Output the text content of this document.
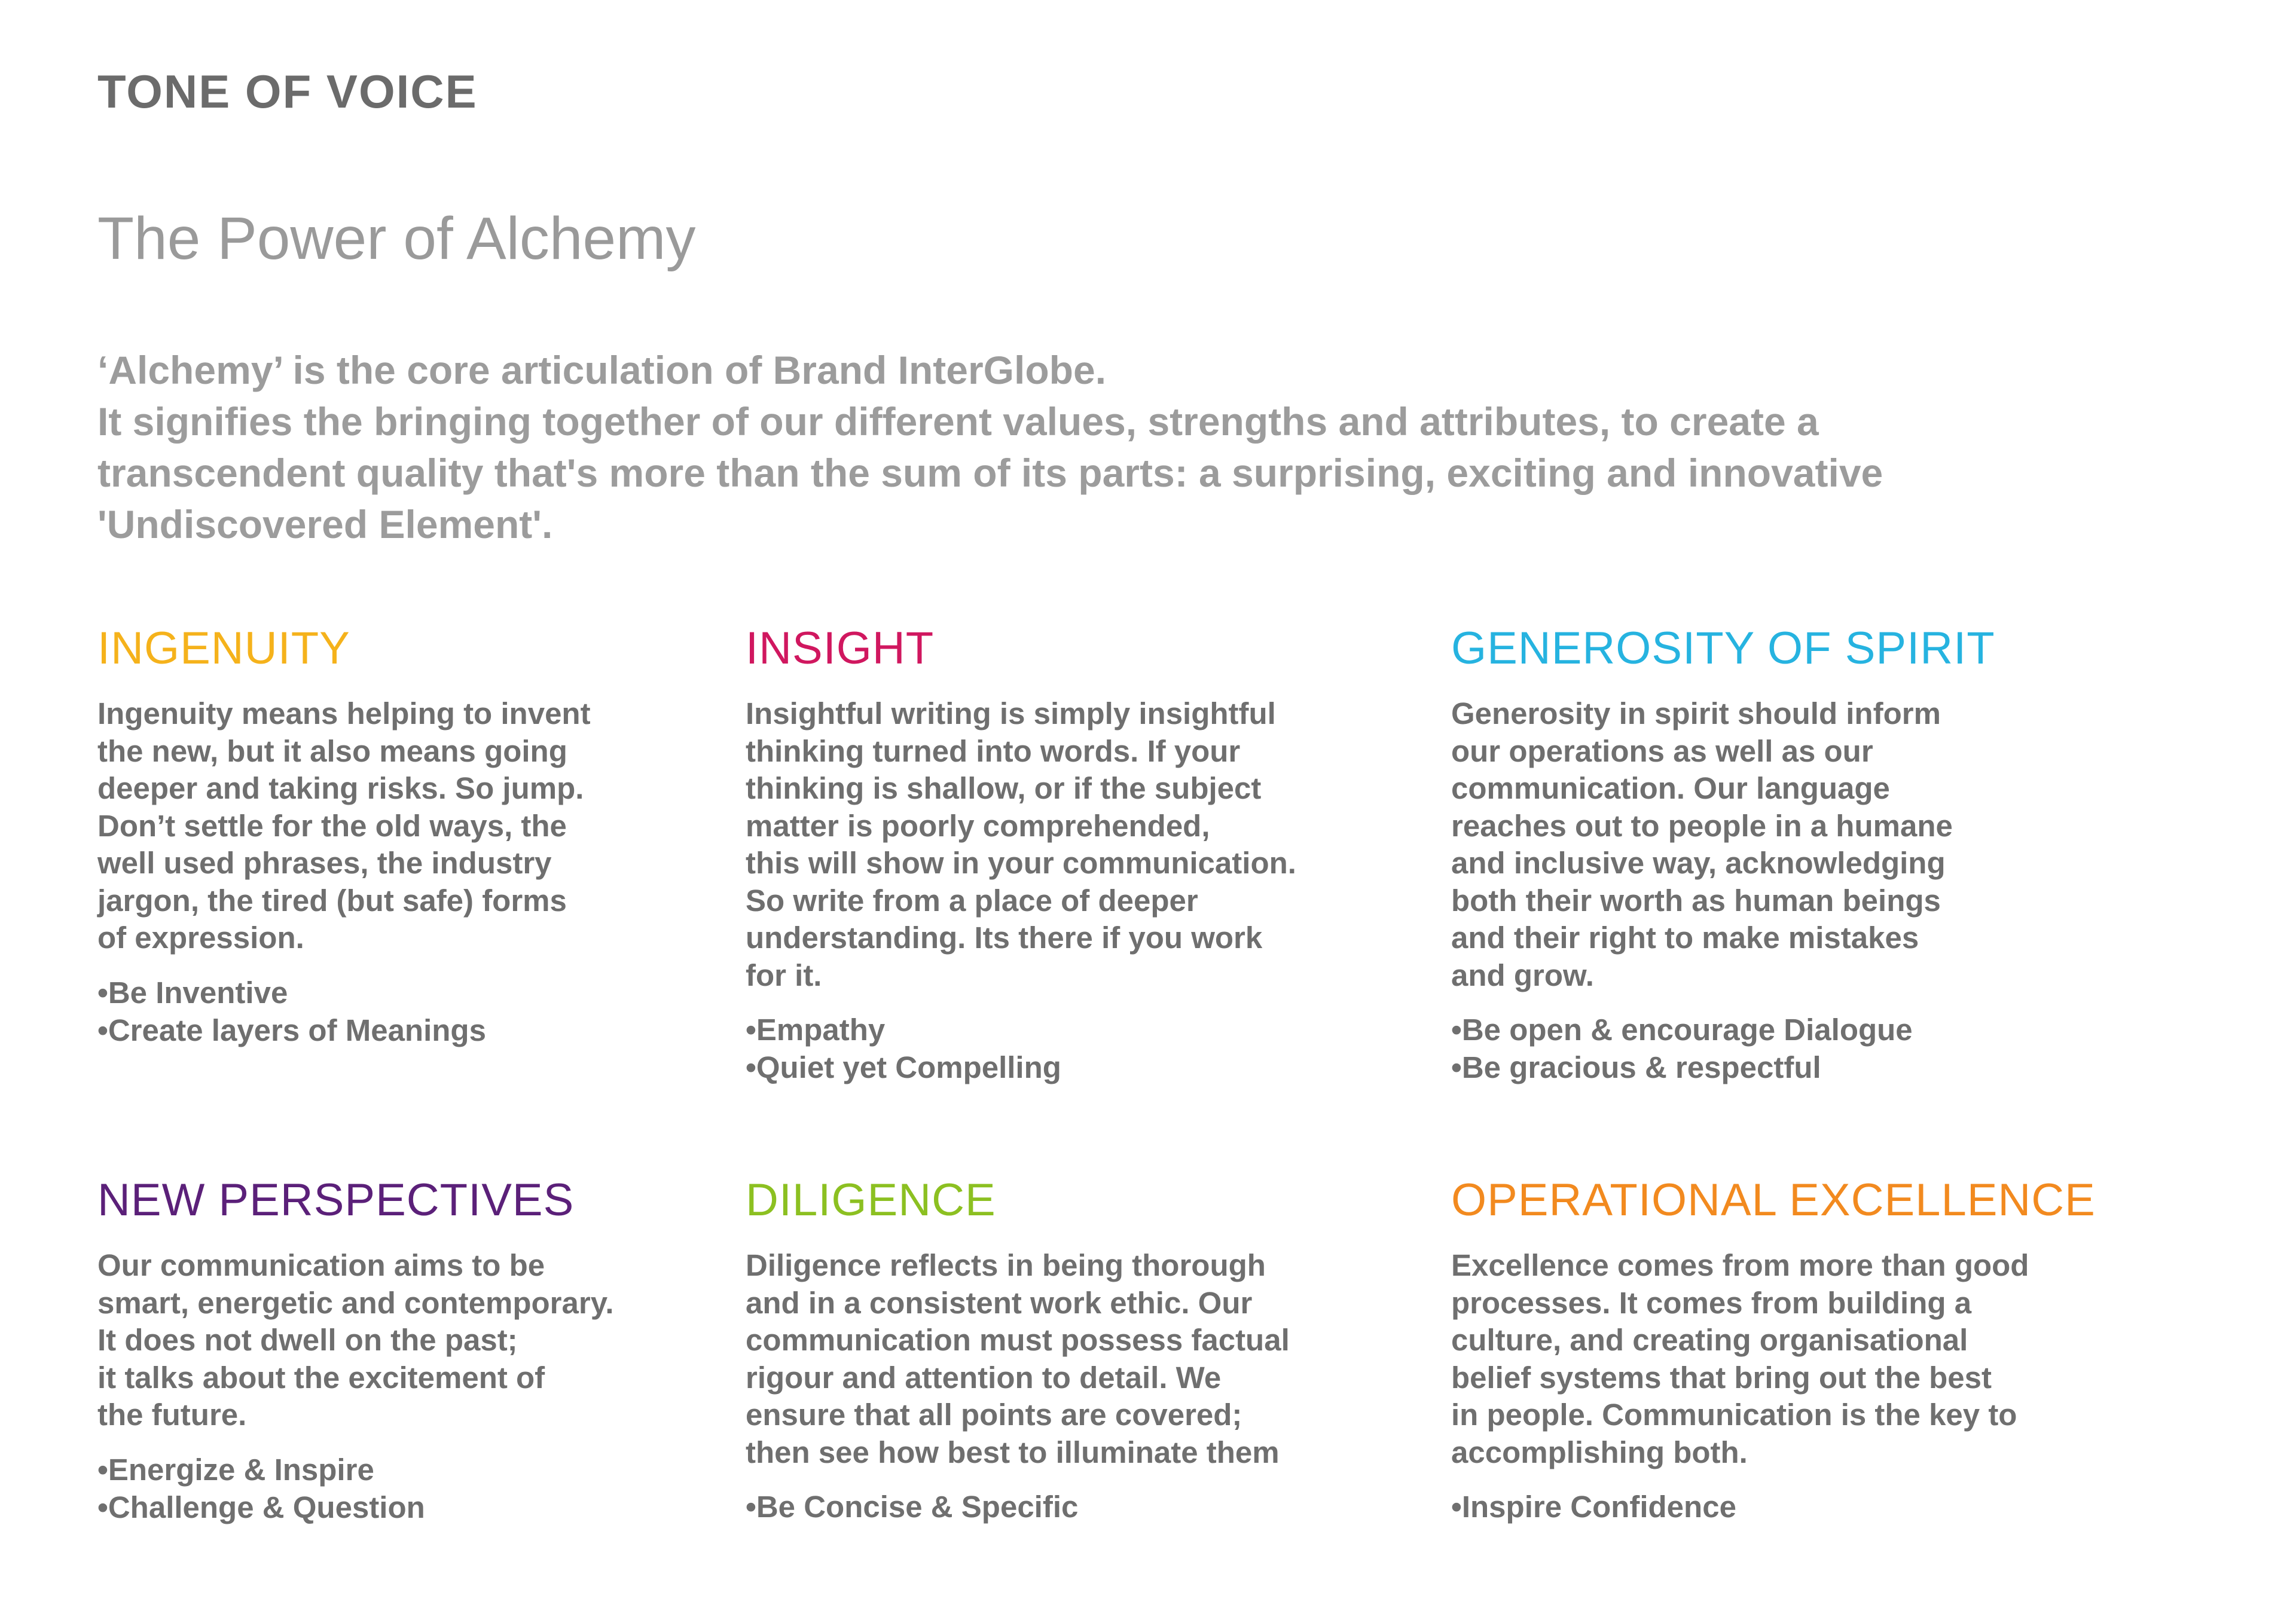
TONE OF VOICE
The Power of Alchemy

‘Alchemy’ is the core articulation of Brand InterGlobe.
It signifies the bringing together of our different values, strengths and attributes, to create a
transcendent quality that's more than the sum of its parts: a surprising, exciting and innovative
'Undiscovered Element'.

INGENUITY

Ingenuity means helping to invent
the new, but it also means going
deeper and taking risks. So jump.
Don’t settle for the old ways, the
well used phrases, the industry
jargon, the tired (but safe) forms
of expression.

•Be Inventive
•Create layers of Meanings
INSIGHT

Insightful writing is simply insightful
thinking turned into words. If your
thinking is shallow, or if the subject
matter is poorly comprehended,
this will show in your communication.
So write from a place of deeper
understanding. Its there if you work
for it.

•Empathy
•Quiet yet Compelling
GENEROSITY OF SPIRIT

Generosity in spirit should inform
our operations as well as our
communication. Our language
reaches out to people in a humane
and inclusive way, acknowledging
both their worth as human beings
and their right to make mistakes
and grow.

•Be open & encourage Dialogue
•Be gracious & respectful
NEW PERSPECTIVES

Our communication aims to be
smart, energetic and contemporary.
It does not dwell on the past;
it talks about the excitement of
the future.

•Energize & Inspire
•Challenge & Question
DILIGENCE

Diligence reflects in being thorough
and in a consistent work ethic. Our
communication must possess factual
rigour and attention to detail. We
ensure that all points are covered;
then see how best to illuminate them

•Be Concise & Specific
OPERATIONAL EXCELLENCE

Excellence comes from more than good
processes. It comes from building a
culture, and creating organisational
belief systems that bring out the best
in people. Communication is the key to
accomplishing both.

•Inspire Confidence
